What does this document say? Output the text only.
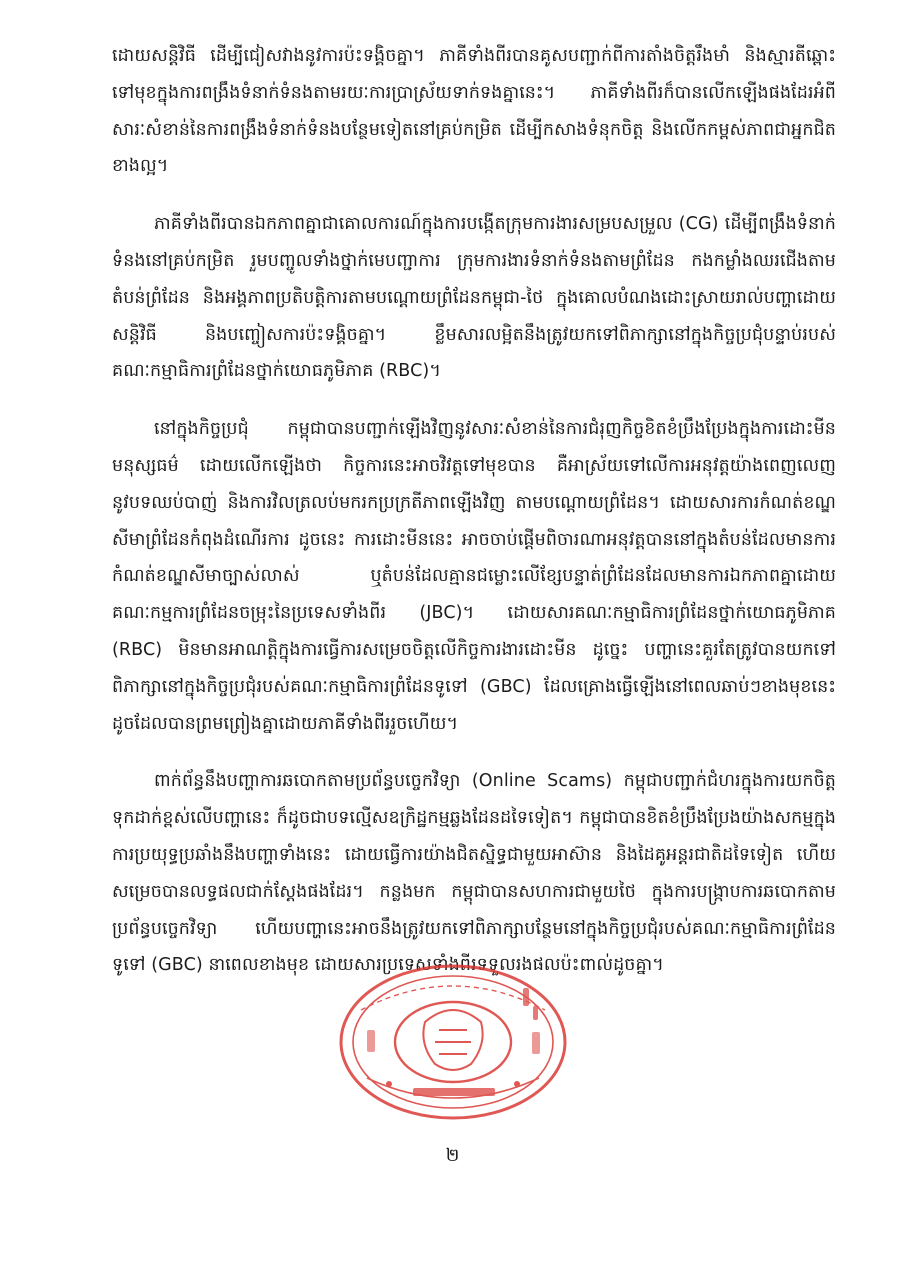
ដោយសន្តិវិធី ដើម្បីជៀសវាងនូវការប៉ះទង្គិចគ្នា។ ភាគីទាំងពីរបានគូសបញ្ជាក់ពីការតាំងចិត្តរឹងមាំ និងស្មារតីឆ្ពោះទៅមុខក្នុងការពង្រឹងទំនាក់ទំនងតាមរយៈការប្រាស្រ័យទាក់ទងគ្នានេះ។ ភាគីទាំងពីរក៏បានលើកឡើងផងដែរអំពីសារៈសំខាន់នៃការពង្រឹងទំនាក់ទំនងបន្ថែមទៀតនៅគ្រប់កម្រិត ដើម្បីកសាងទំនុកចិត្ត និងលើកកម្ពស់ភាពជាអ្នកជិតខាងល្អ។

ភាគីទាំងពីរបានឯកភាពគ្នាជាគោលការណ៍ក្នុងការបង្កើតក្រុមការងារសម្របសម្រួល (CG) ដើម្បីពង្រឹងទំនាក់ទំនងនៅគ្រប់កម្រិត រួមបញ្ចូលទាំងថ្នាក់មេបញ្ជាការ ក្រុមការងារទំនាក់ទំនងតាមព្រំដែន កងកម្លាំងឈរជើងតាមតំបន់ព្រំដែន និងអង្គភាពប្រតិបត្តិការតាមបណ្ដោយព្រំដែនកម្ពុជា-ថៃ ក្នុងគោលបំណងដោះស្រាយរាល់បញ្ហាដោយសន្តិវិធី និងបញ្ចៀសការប៉ះទង្គិចគ្នា។ ខ្លឹមសារលម្អិតនឹងត្រូវយកទៅពិភាក្សានៅក្នុងកិច្ចប្រជុំបន្ទាប់របស់គណៈកម្មាធិការព្រំដែនថ្នាក់យោធភូមិភាគ (RBC)។

នៅក្នុងកិច្ចប្រជុំ កម្ពុជាបានបញ្ជាក់ឡើងវិញនូវសារៈសំខាន់នៃការជំរុញកិច្ចខិតខំប្រឹងប្រែងក្នុងការដោះមីនមនុស្សធម៌ ដោយលើកឡើងថា កិច្ចការនេះអាចវិវត្តទៅមុខបាន គឺអាស្រ័យទៅលើការអនុវត្តយ៉ាងពេញលេញនូវបទឈប់បាញ់ និងការវិលត្រលប់មករកប្រក្រតីភាពឡើងវិញ តាមបណ្ដោយព្រំដែន។ ដោយសារការកំណត់ខណ្ឌសីមាព្រំដែនកំពុងដំណើរការ ដូចនេះ ការដោះមីននេះ អាចចាប់ផ្ដើមពិចារណាអនុវត្តបាននៅក្នុងតំបន់ដែលមានការកំណត់ខណ្ឌសីមាច្បាស់លាស់ ឬតំបន់ដែលគ្មានជម្លោះលើខ្សែបន្ទាត់ព្រំដែនដែលមានការឯកភាពគ្នាដោយគណៈកម្មការព្រំដែនចម្រុះនៃប្រទេសទាំងពីរ (JBC)។ ដោយសារគណៈកម្មាធិការព្រំដែនថ្នាក់យោធភូមិភាគ (RBC) មិនមានអាណត្តិក្នុងការធ្វើការសម្រេចចិត្តលើកិច្ចការងារដោះមីន ដូច្នេះ បញ្ហានេះគួរតែត្រូវបានយកទៅពិភាក្សានៅក្នុងកិច្ចប្រជុំរបស់គណៈកម្មាធិការព្រំដែនទូទៅ (GBC) ដែលគ្រោងធ្វើឡើងនៅពេលឆាប់ៗខាងមុខនេះ ដូចដែលបានព្រមព្រៀងគ្នាដោយភាគីទាំងពីររួចហើយ។

ពាក់ព័ន្ធនឹងបញ្ហាការឆបោកតាមប្រព័ន្ធបច្ចេកវិទ្យា (Online Scams) កម្ពុជាបញ្ជាក់ជំហរក្នុងការយកចិត្តទុកដាក់ខ្ពស់លើបញ្ហានេះ ក៏ដូចជាបទល្មើសឧក្រិដ្ឋកម្មឆ្លងដែនដទៃទៀត។ កម្ពុជាបានខិតខំប្រឹងប្រែងយ៉ាងសកម្មក្នុងការប្រយុទ្ធប្រឆាំងនឹងបញ្ហាទាំងនេះ ដោយធ្វើការយ៉ាងជិតស្និទ្ធជាមួយអាស៊ាន និងដៃគូអន្តរជាតិដទៃទៀត ហើយសម្រេចបានលទ្ធផលជាក់ស្ដែងផងដែរ។ កន្លងមក កម្ពុជាបានសហការជាមួយថៃ ក្នុងការបង្ក្រាបការឆបោកតាមប្រព័ន្ធបច្ចេកវិទ្យា ហើយបញ្ហានេះអាចនឹងត្រូវយកទៅពិភាក្សាបន្ថែមនៅក្នុងកិច្ចប្រជុំរបស់គណៈកម្មាធិការព្រំដែនទូទៅ (GBC) នាពេលខាងមុខ ដោយសារប្រទេសទាំងពីរទទួលរងផលប៉ះពាល់ដូចគ្នា។

២
